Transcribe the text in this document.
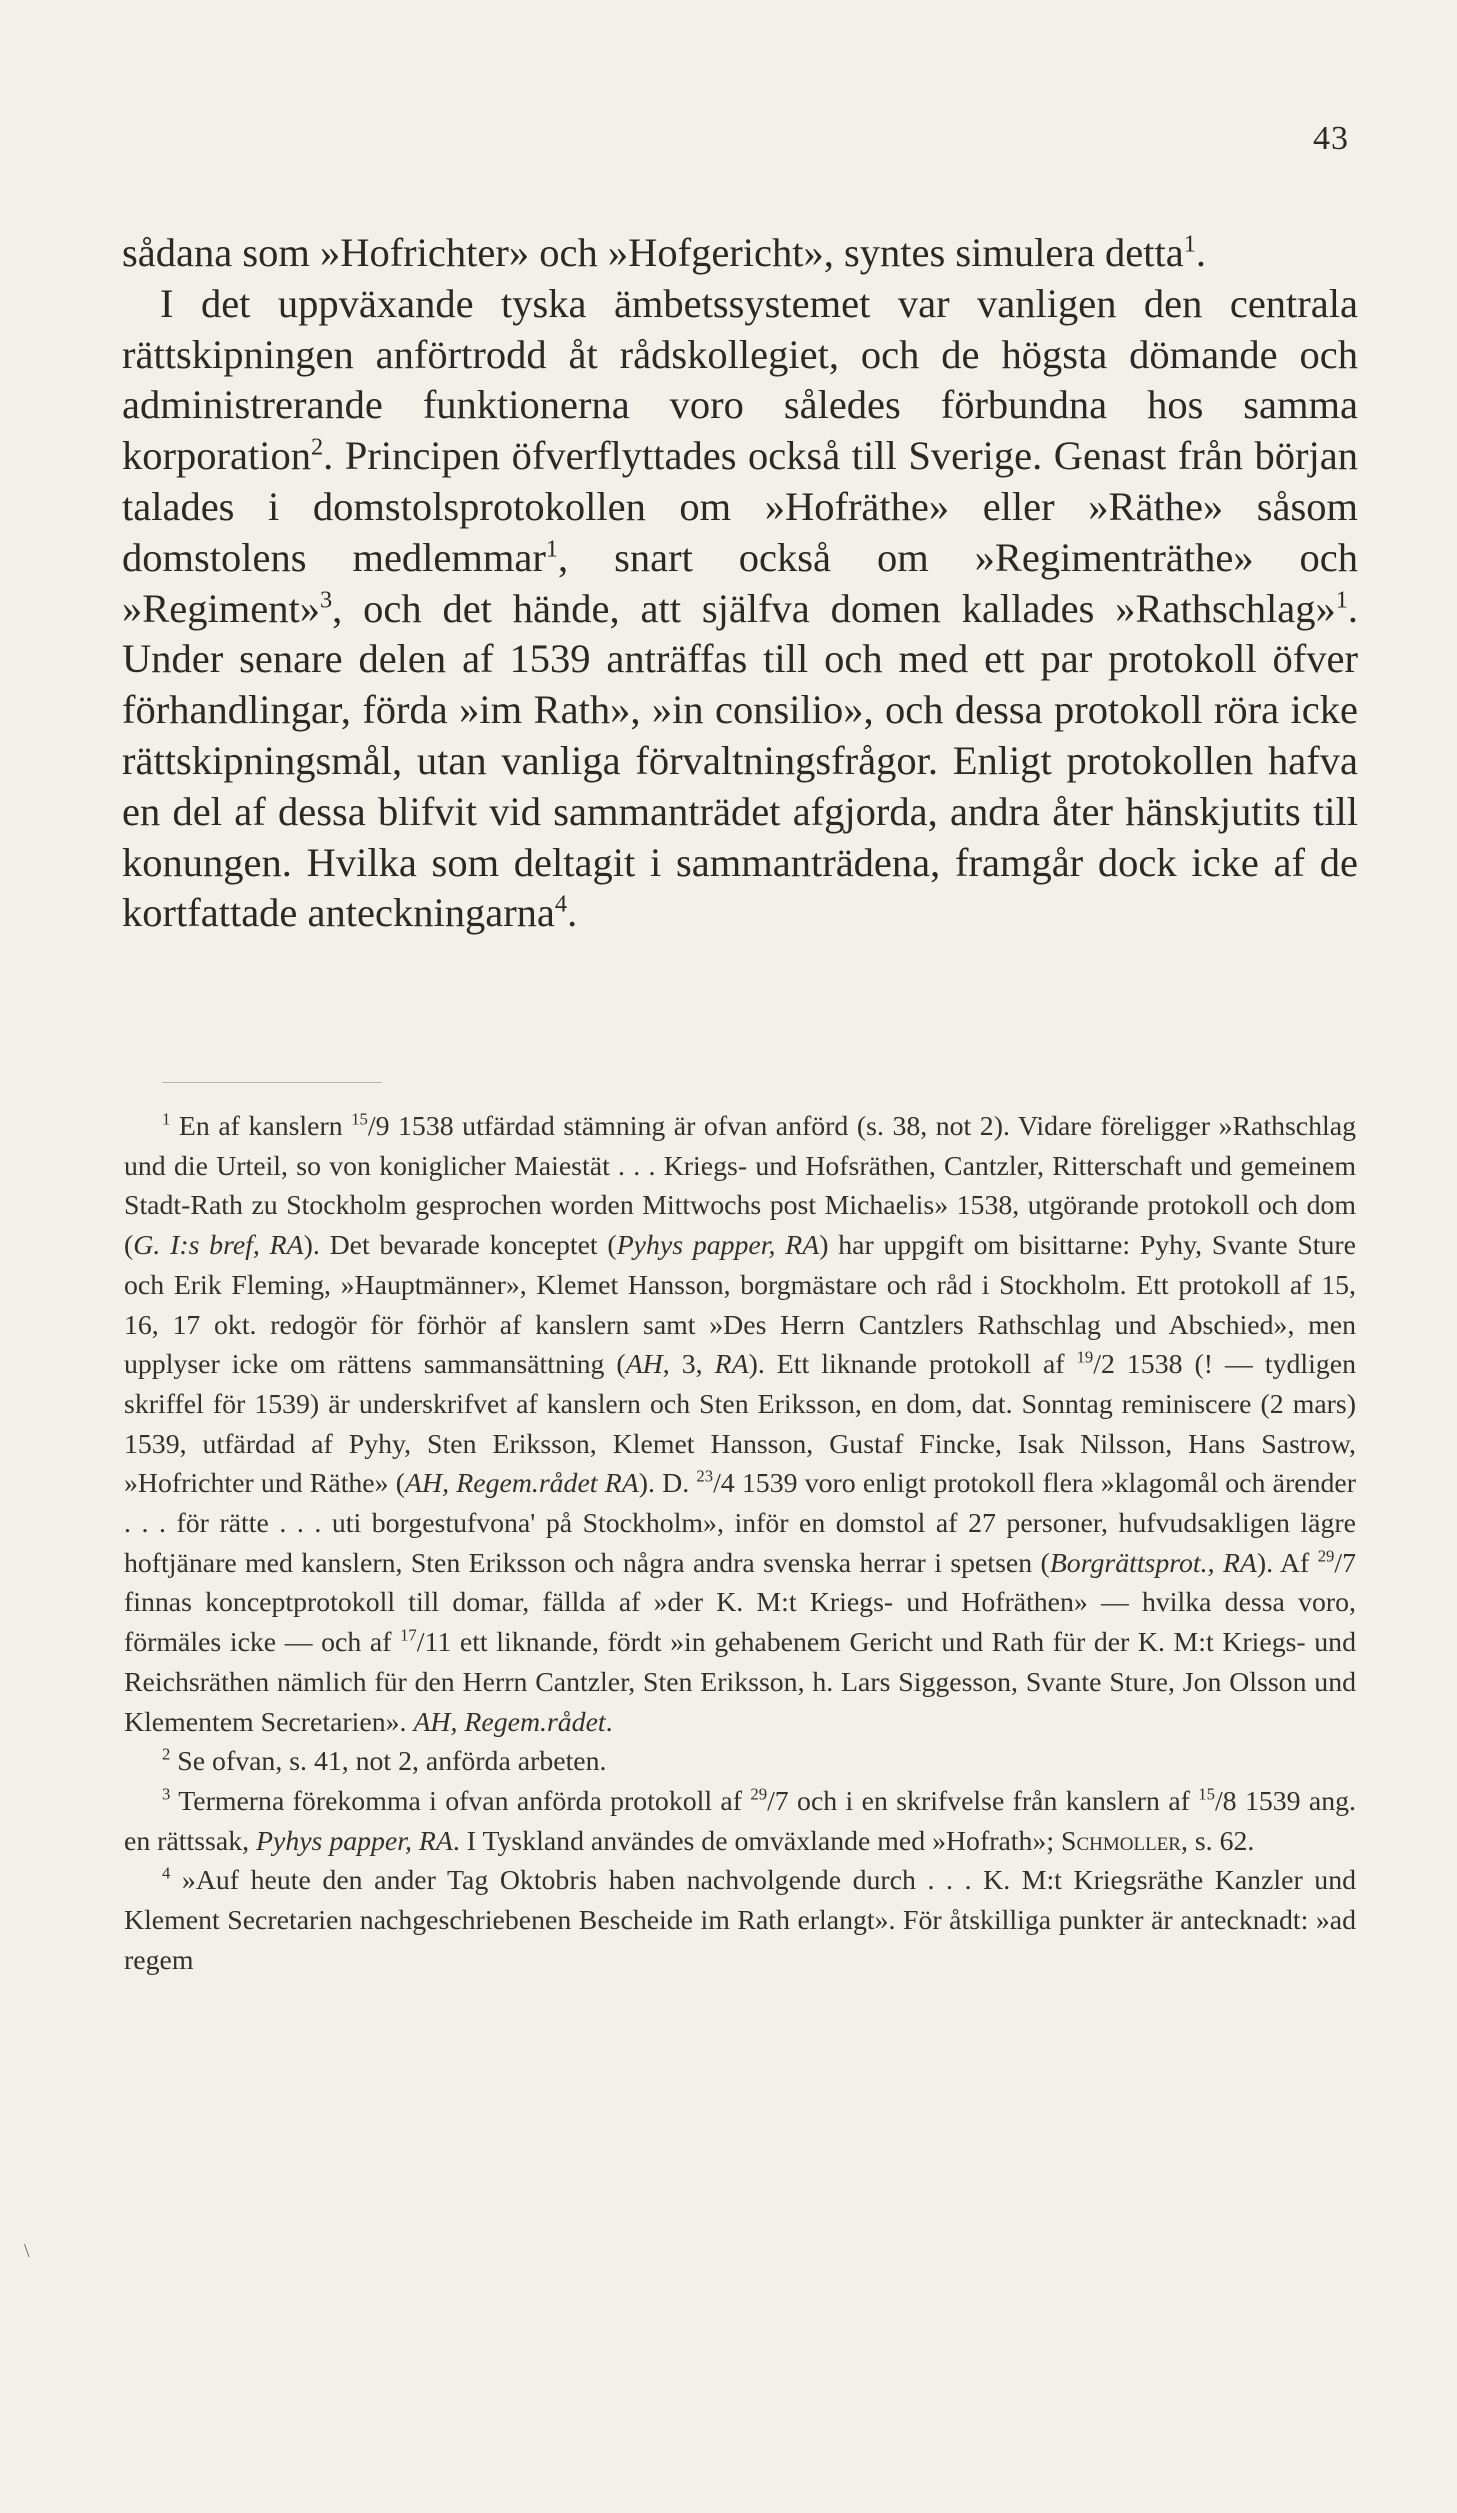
43

sådana som »Hofrichter» och »Hofgericht», syntes simulera detta$^1$.

I det uppväxande tyska ämbetssystemet var vanligen den centrala rättskipningen anförtrodd åt rådskollegiet, och de högsta dömande och administrerande funktionerna voro således förbundna hos samma korporation$^2$. Principen öfverflyttades också till Sverige. Genast från början talades i domstolsprotokollen om »Hofräthe» eller »Räthe» såsom domstolens medlemmar$^1$, snart också om »Regimenträthe» och »Regiment»$^3$, och det hände, att själfva domen kallades »Rathschlag»$^1$. Under senare delen af 1539 anträffas till och med ett par protokoll öfver förhandlingar, förda »im Rath», »in consilio», och dessa protokoll röra icke rättskipningsmål, utan vanliga förvaltningsfrågor. Enligt protokollen hafva en del af dessa blifvit vid sammanträdet afgjorda, andra åter hänskjutits till konungen. Hvilka som deltagit i sammanträdena, framgår dock icke af de kortfattade anteckningarna$^4$.

$^1$ En af kanslern $^{15}$/9 1538 utfärdad stämning är ofvan anförd (s. 38, not 2). Vidare föreligger »Rathschlag und die Urteil, so von koniglicher Maiestät . . . Kriegs- und Hofsräthen, Cantzler, Ritterschaft und gemeinem Stadt-Rath zu Stockholm gesprochen worden Mittwochs post Michaelis» 1538, utgörande protokoll och dom (G. I:s bref, RA). Det bevarade konceptet (Pyhys papper, RA) har uppgift om bisittarne: Pyhy, Svante Sture och Erik Fleming, »Hauptmänner», Klemet Hansson, borgmästare och råd i Stockholm. Ett protokoll af 15, 16, 17 okt. redogör för förhör af kanslern samt »Des Herrn Cantzlers Rathschlag und Abschied», men upplyser icke om rättens sammansättning (AH, 3, RA). Ett liknande protokoll af $^{19}$/2 1538 (! — tydligen skriffel för 1539) är underskrifvet af kanslern och Sten Eriksson, en dom, dat. Sonntag reminiscere (2 mars) 1539, utfärdad af Pyhy, Sten Eriksson, Klemet Hansson, Gustaf Fincke, Isak Nilsson, Hans Sastrow, »Hofrichter und Räthe» (AH, Regem.rådet RA). D. $^{23}$/4 1539 voro enligt protokoll flera »klagomål och ärender . . . för rätte . . . uti borgestufvona' på Stockholm», inför en domstol af 27 personer, hufvudsakligen lägre hoftjänare med kanslern, Sten Eriksson och några andra svenska herrar i spetsen (Borgrättsprot., RA). Af $^{29}$/7 finnas konceptprotokoll till domar, fällda af »der K. M:t Kriegs- und Hofräthen» — hvilka dessa voro, förmäles icke — och af $^{17}$/11 ett liknande, fördt »in gehabenem Gericht und Rath für der K. M:t Kriegs- und Reichsräthen nämlich für den Herrn Cantzler, Sten Eriksson, h. Lars Siggesson, Svante Sture, Jon Olsson und Klementem Secretarien». AH, Regem.rådet.

$^2$ Se ofvan, s. 41, not 2, anförda arbeten.

$^3$ Termerna förekomma i ofvan anförda protokoll af $^{29}$/7 och i en skrifvelse från kanslern af $^{15}$/8 1539 ang. en rättssak, Pyhys papper, RA. I Tyskland användes de omväxlande med »Hofrath»; Schmoller, s. 62.

$^4$ »Auf heute den ander Tag Oktobris haben nachvolgende durch . . . K. M:t Kriegsräthe Kanzler und Klement Secretarien nachgeschriebenen Bescheide im Rath erlangt». För åtskilliga punkter är antecknadt: »ad regem

\
